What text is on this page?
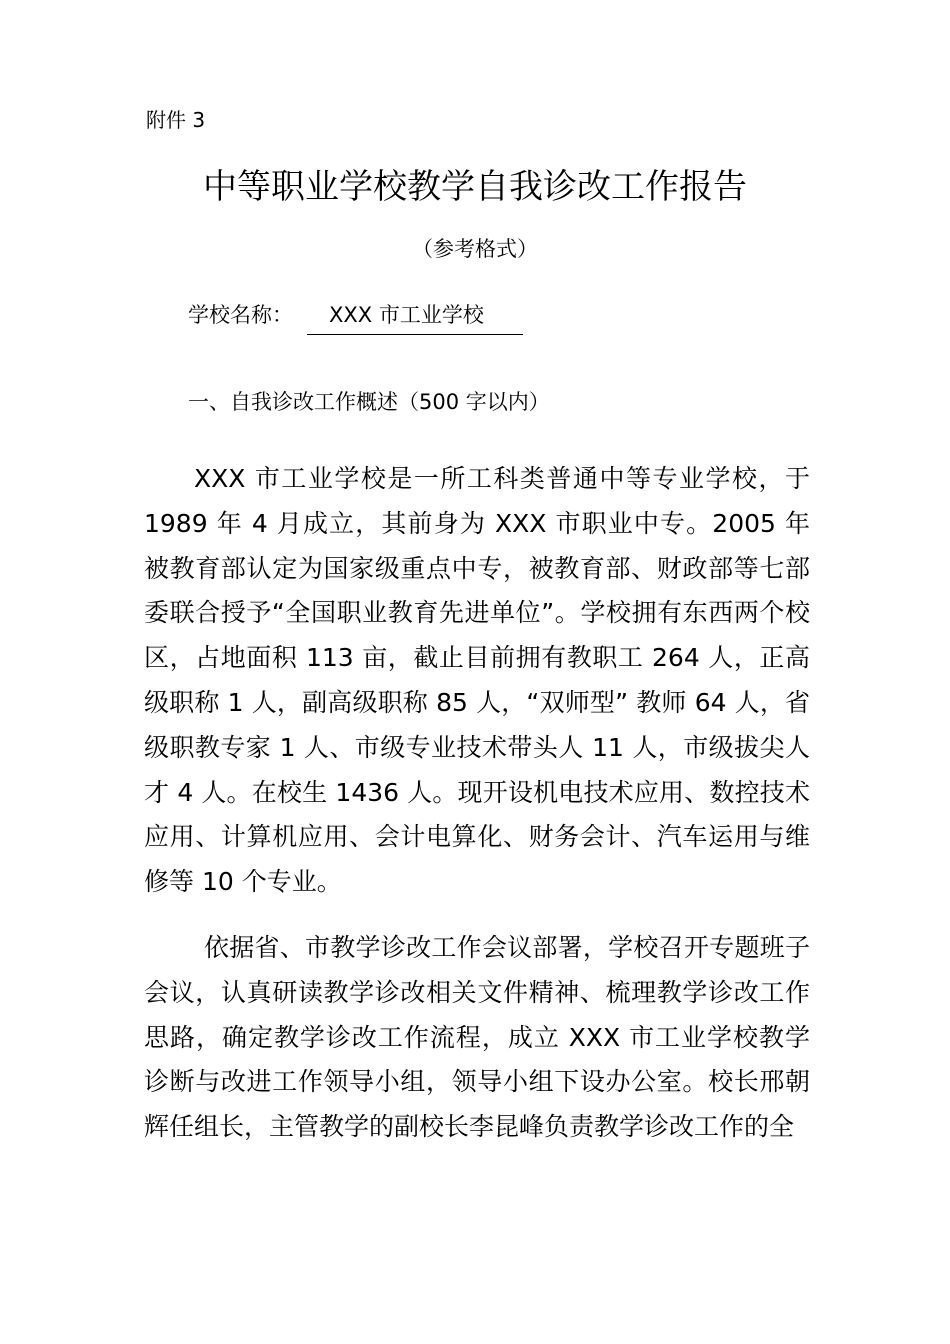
附件 3
中等职业学校教学自我诊改工作报告
（参考格式）
学校名称： XXX 市工业学校
一、自我诊改工作概述（500 字以内）

XXX 市工业学校是一所工科类普通中等专业学校，于 1989 年 4 月成立，其前身为 XXX 市职业中专。2005 年被教育部认定为国家级重点中专，被教育部、财政部等七部委联合授予“全国职业教育先进单位”。学校拥有东西两个校区，占地面积 113 亩，截止目前拥有教职工 264 人，正高级职称 1 人，副高级职称 85 人，“双师型” 教师 64 人，省级职教专家 1 人、市级专业技术带头人 11 人，市级拔尖人才 4 人。在校生 1436 人。现开设机电技术应用、数控技术应用、计算机应用、会计电算化、财务会计、汽车运用与维修等 10 个专业。

依据省、市教学诊改工作会议部署，学校召开专题班子会议，认真研读教学诊改相关文件精神、梳理教学诊改工作思路，确定教学诊改工作流程，成立 XXX 市工业学校教学诊断与改进工作领导小组，领导小组下设办公室。校长邢朝辉任组长，主管教学的副校长李昆峰负责教学诊改工作的全
